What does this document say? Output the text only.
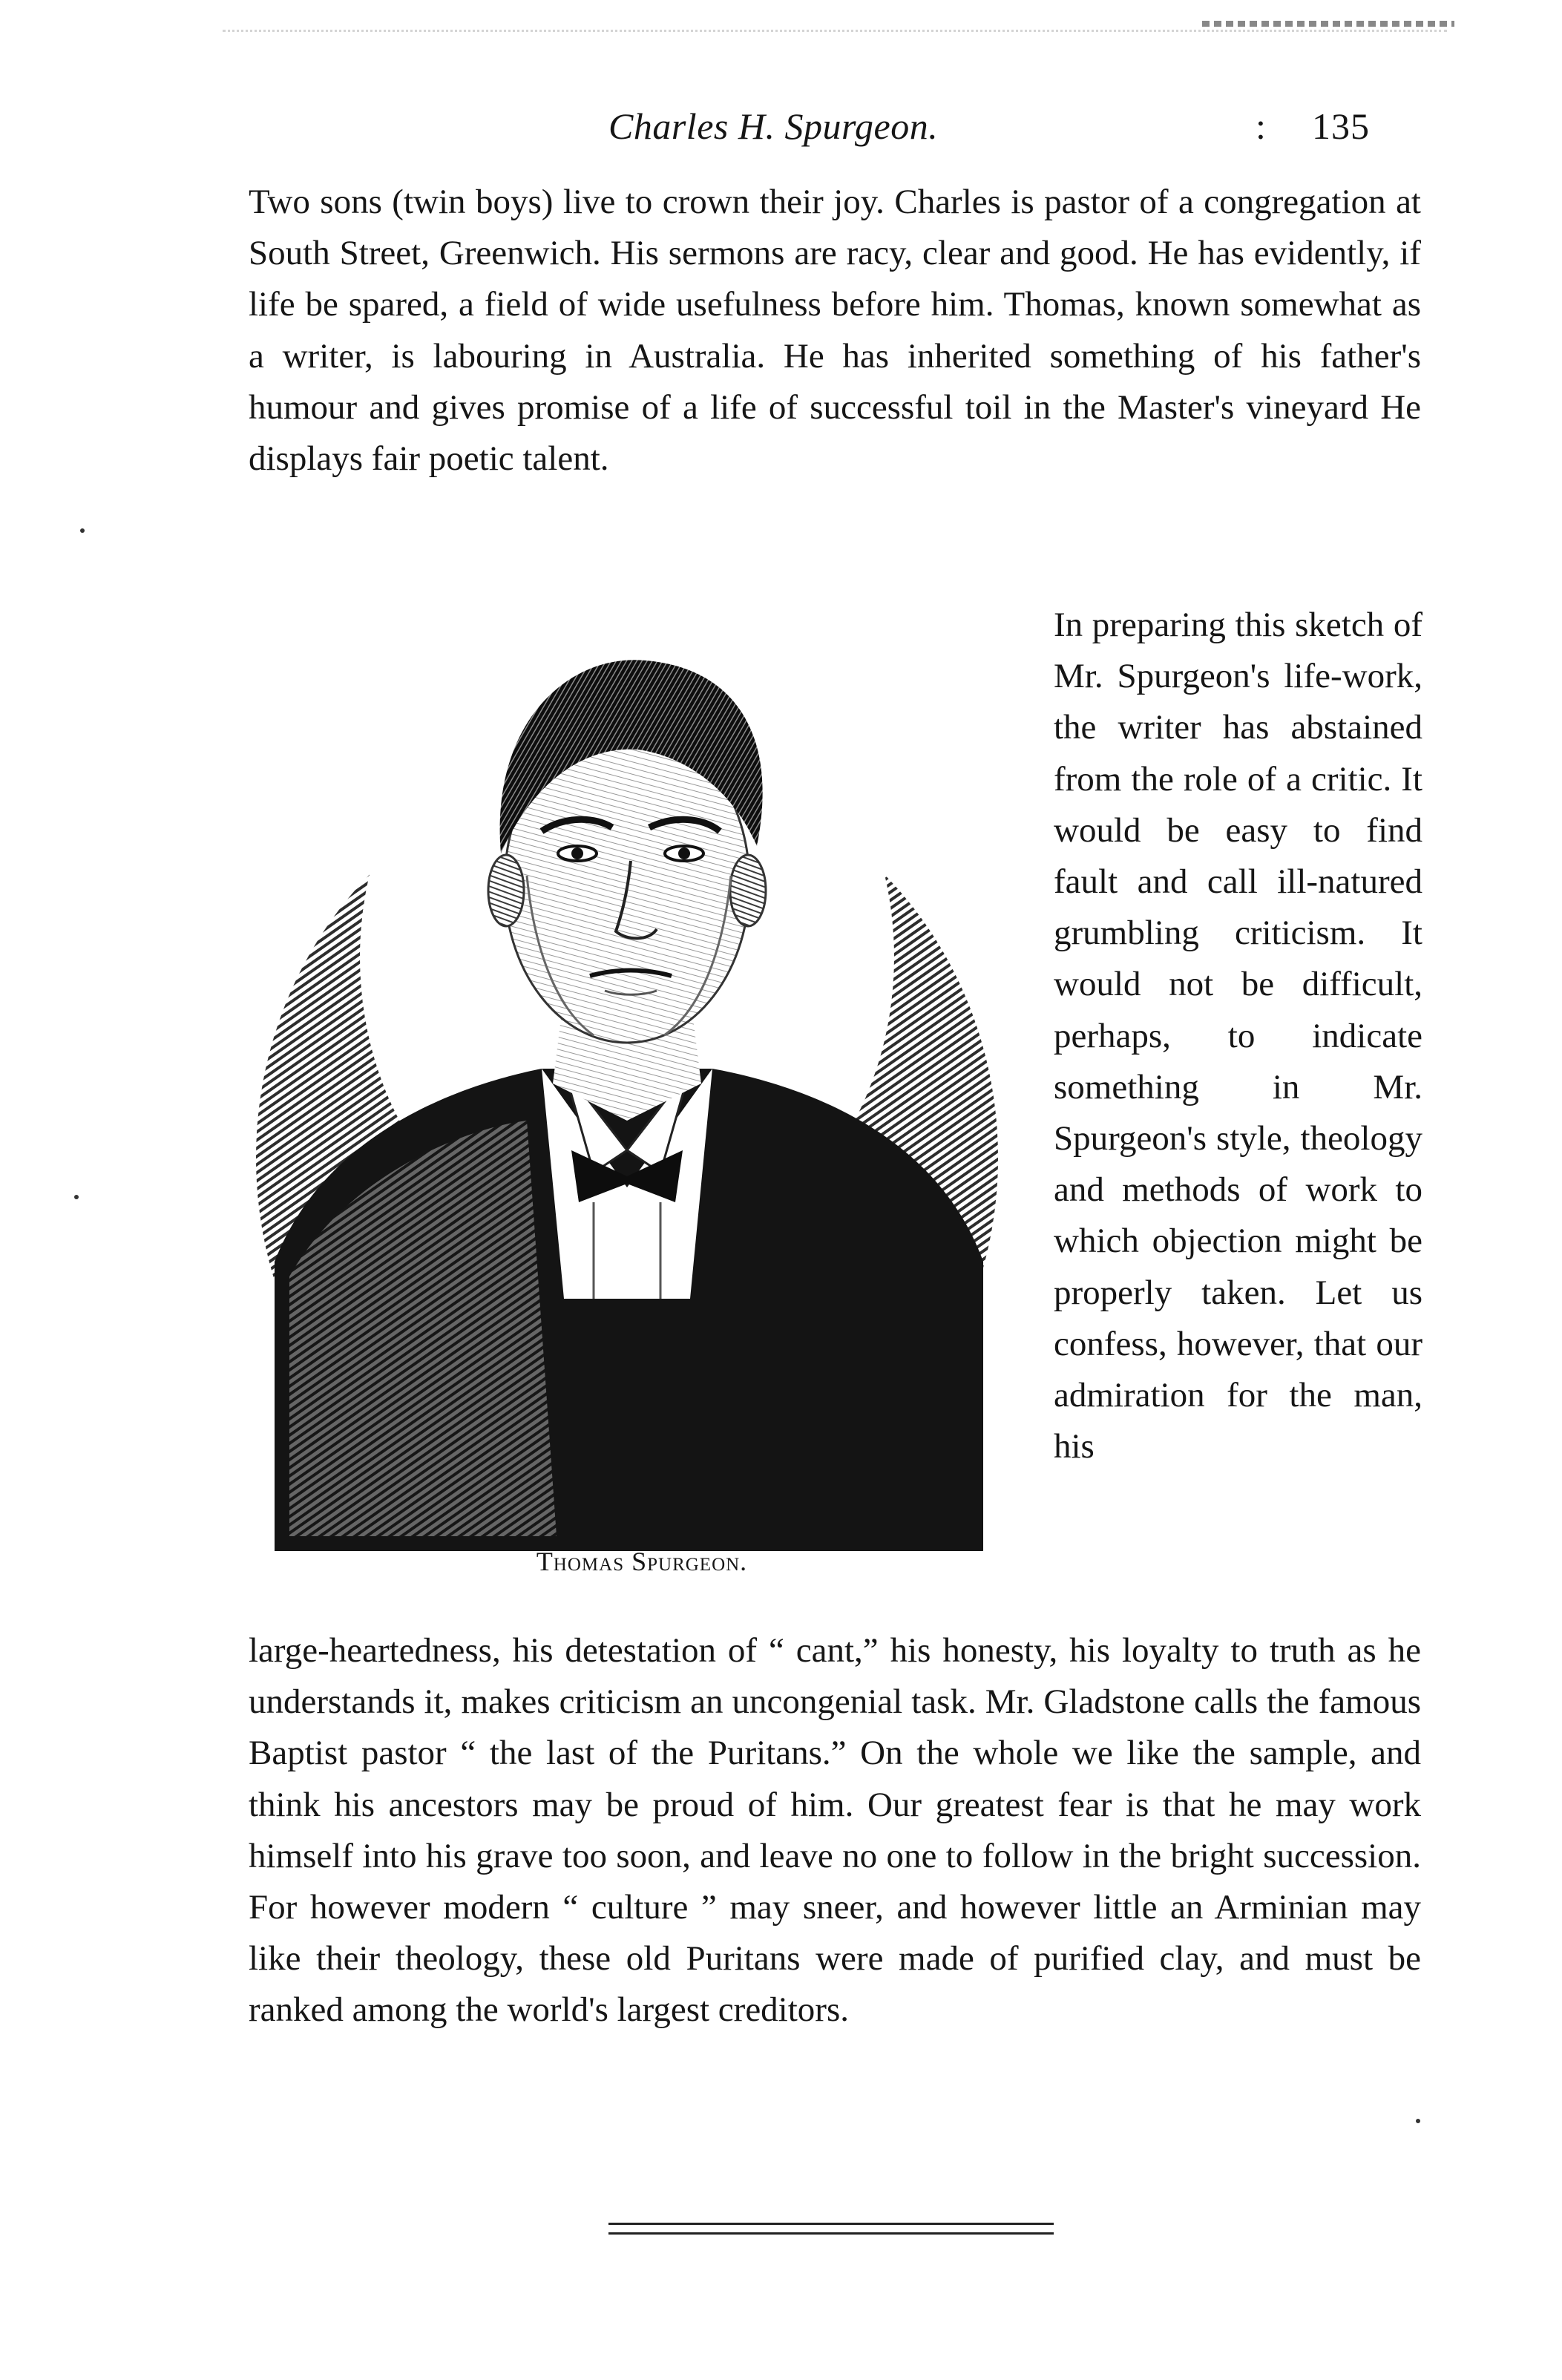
Charles H. Spurgeon.	: 135

Two sons (twin boys) live to crown their joy. Charles is pastor of a congregation at South Street, Greenwich. His sermons are racy, clear and good. He has evidently, if life be spared, a field of wide usefulness before him. Thomas, known somewhat as a writer, is labouring in Australia. He has inherited something of his father's humour and gives promise of a life of successful toil in the Master's vineyard He displays fair poetic talent.

Thomas Spurgeon.

In preparing this sketch of Mr. Spurgeon's life-work, the writer has abstained from the role of a critic. It would be easy to find fault and call ill-natured grumbling criticism. It would not be difficult, perhaps, to indicate something in Mr. Spurgeon's style, theology and methods of work to which objection might be properly taken. Let us confess, however, that our admiration for the man, his

large-heartedness, his detestation of “ cant,” his honesty, his loyalty to truth as he understands it, makes criticism an uncongenial task. Mr. Gladstone calls the famous Baptist pastor “ the last of the Puritans.” On the whole we like the sample, and think his ancestors may be proud of him. Our greatest fear is that he may work himself into his grave too soon, and leave no one to follow in the bright succession. For however modern “ culture ” may sneer, and however little an Arminian may like their theology, these old Puritans were made of purified clay, and must be ranked among the world's largest creditors.
